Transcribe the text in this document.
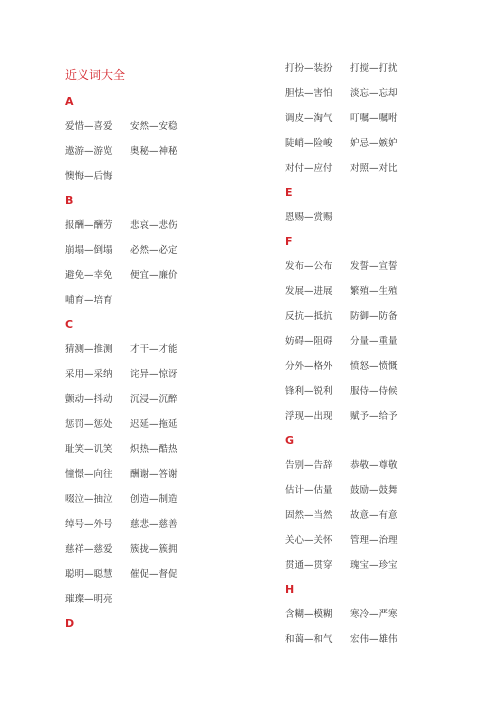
近义词大全
A
爱惜—喜爱 安然—安稳
遨游—游览 奥秘—神秘
懊悔—后悔
B
报酬—酬劳 悲哀—悲伤
崩塌—倒塌 必然—必定
避免—幸免 便宜—廉价
哺育—培育
C
猜测—推测 才干—才能
采用—采纳 诧异—惊讶
颤动—抖动 沉浸—沉醉
惩罚—惩处 迟延—拖延
耻笑—讥笑 炽热—酷热
憧憬—向往 酬谢—答谢
啜泣—抽泣 创造—制造
绰号—外号 慈悲—慈善
慈祥—慈爱 簇拢—簇拥
聪明—聪慧 催促—督促
璀璨—明亮
D
打扮—装扮 打搅—打扰
胆怯—害怕 淡忘—忘却
调皮—淘气 叮嘱—嘱咐
陡峭—险峻 妒忌—嫉妒
对付—应付 对照—对比
E
恩赐—赏赐
F
发布—公布 发誓—宣誓
发展—进展 繁殖—生殖
反抗—抵抗 防御—防备
妨碍—阻碍 分量—重量
分外—格外 愤怒—愤慨
锋利—锐利 服侍—侍候
浮现—出现 赋予—给予
G
告别—告辞 恭敬—尊敬
估计—估量 鼓励—鼓舞
固然—当然 故意—有意
关心—关怀 管理—治理
贯通—贯穿 瑰宝—珍宝
H
含糊—模糊 寒冷—严寒
和蔼—和气 宏伟—雄伟
